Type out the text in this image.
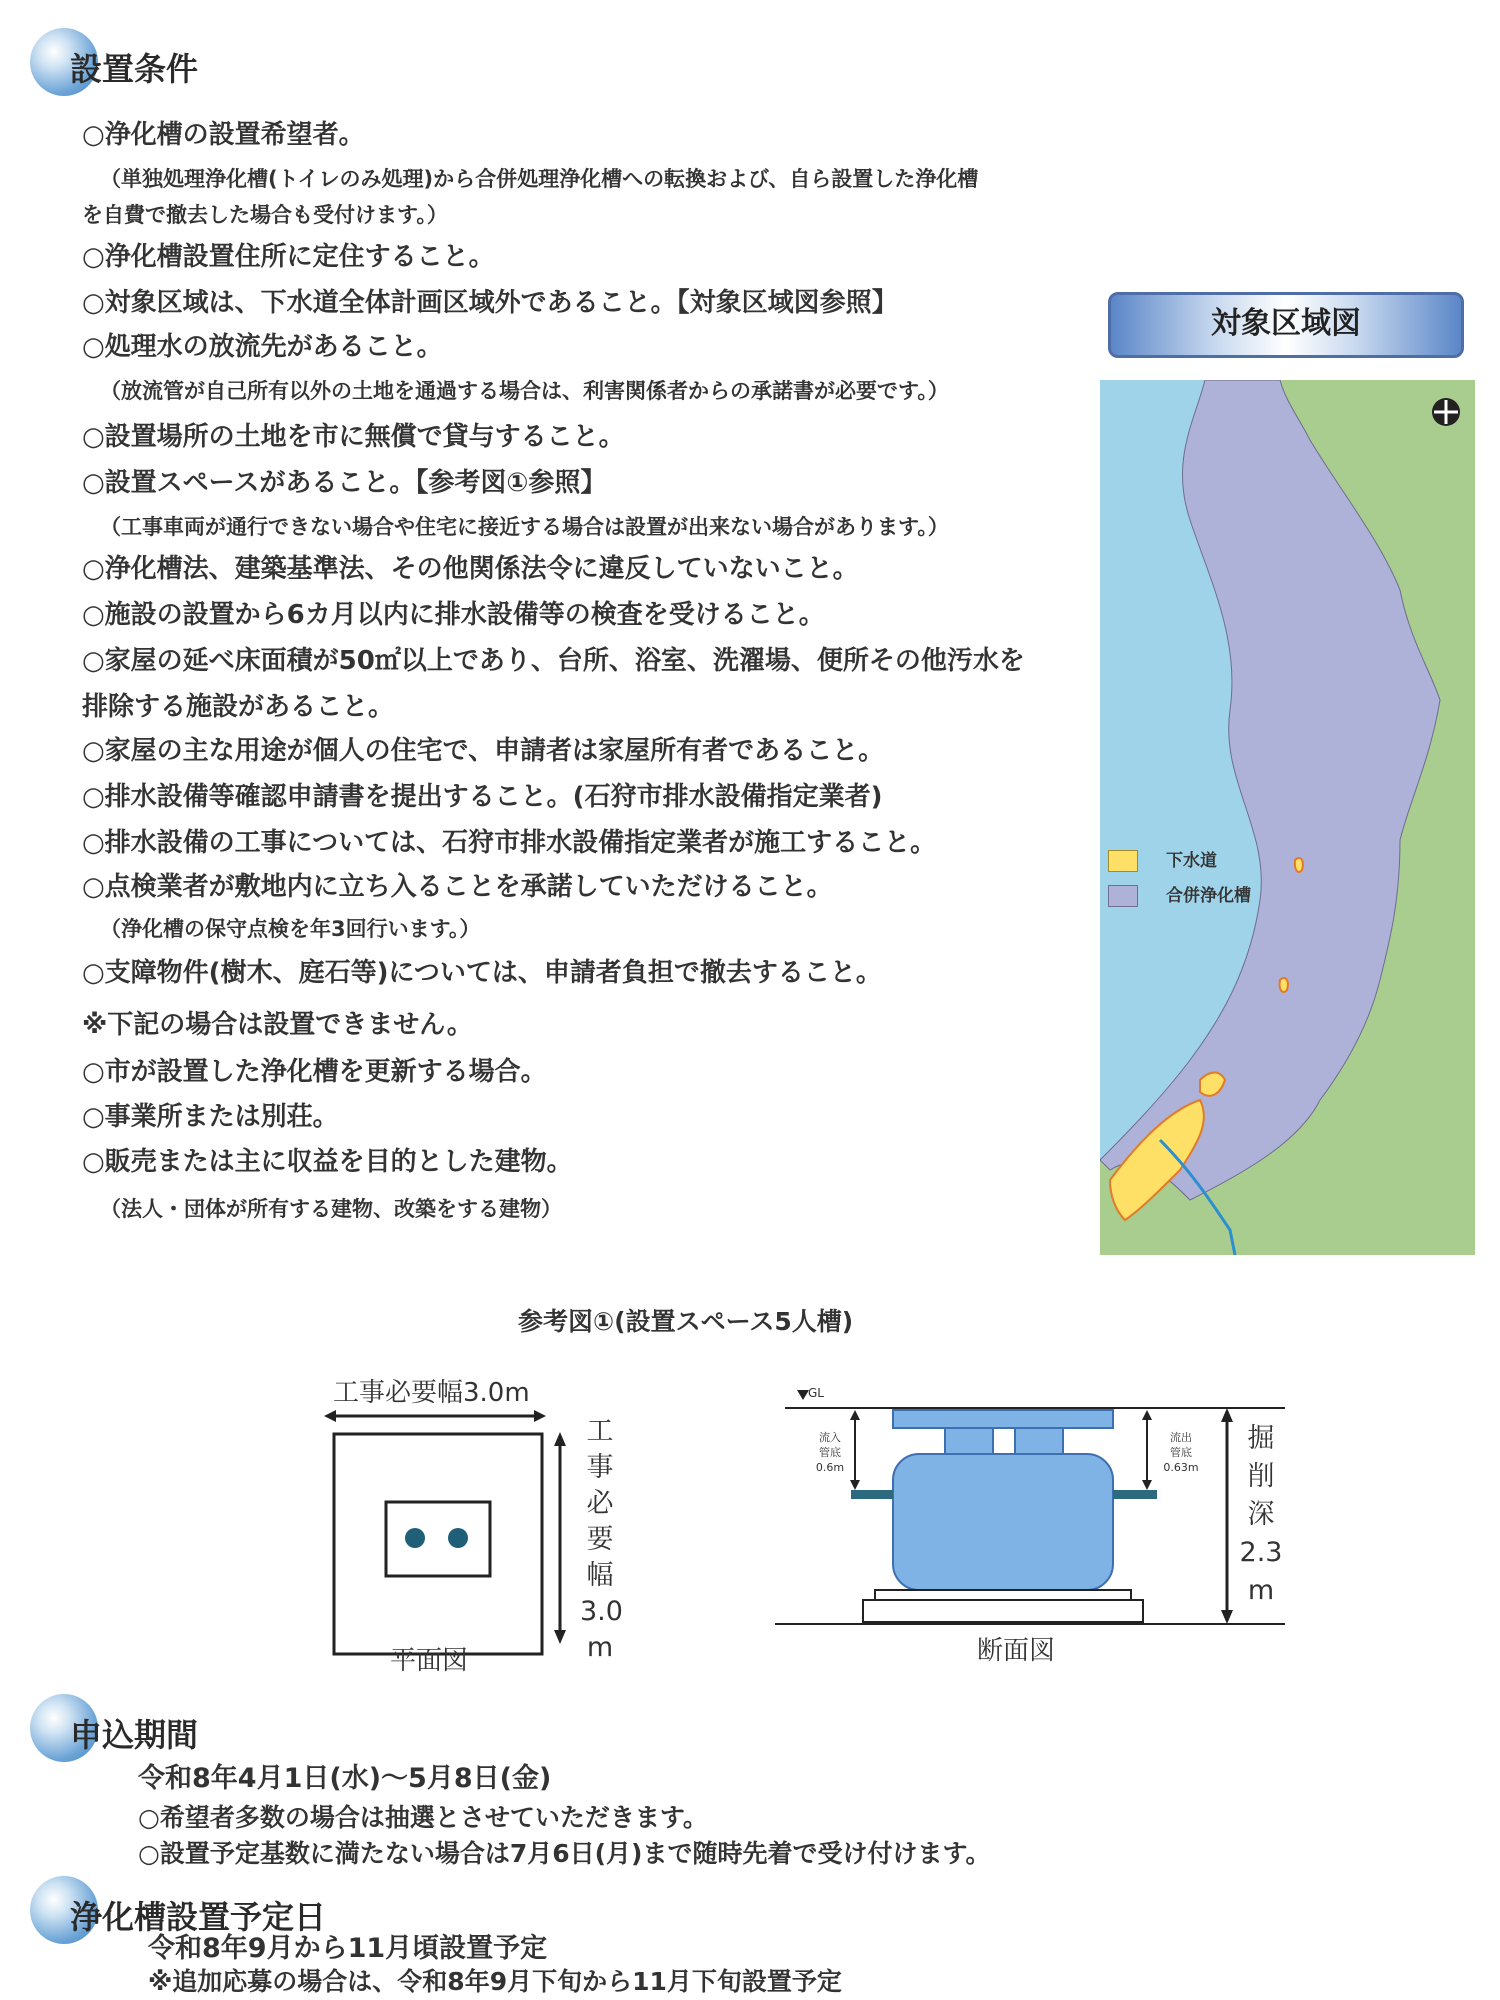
設置条件
○浄化槽の設置希望者。
（単独処理浄化槽(トイレのみ処理)から合併処理浄化槽への転換および、自ら設置した浄化槽
を自費で撤去した場合も受付けます。）
○浄化槽設置住所に定住すること。
○対象区域は、下水道全体計画区域外であること。【対象区域図参照】
○処理水の放流先があること。
（放流管が自己所有以外の土地を通過する場合は、利害関係者からの承諾書が必要です。）
○設置場所の土地を市に無償で貸与すること。
○設置スペースがあること。【参考図①参照】
（工事車両が通行できない場合や住宅に接近する場合は設置が出来ない場合があります。）
○浄化槽法、建築基準法、その他関係法令に違反していないこと。
○施設の設置から6カ月以内に排水設備等の検査を受けること。
○家屋の延べ床面積が50㎡以上であり、台所、浴室、洗濯場、便所その他汚水を
排除する施設があること。
○家屋の主な用途が個人の住宅で、申請者は家屋所有者であること。
○排水設備等確認申請書を提出すること。(石狩市排水設備指定業者)
○排水設備の工事については、石狩市排水設備指定業者が施工すること。
○点検業者が敷地内に立ち入ることを承諾していただけること。
（浄化槽の保守点検を年3回行います。）
○支障物件(樹木、庭石等)については、申請者負担で撤去すること。
※下記の場合は設置できません。
○市が設置した浄化槽を更新する場合。
○事業所または別荘。
○販売または主に収益を目的とした建物。
（法人・団体が所有する建物、改築をする建物）
対象区域図
下水道
合併浄化槽
参考図①(設置スペース5人槽)
工事必要幅3.0m
工
事
必
要
幅
3.0
m
平面図
GL
流入
管底
0.6m
流出
管底
0.63m
掘
削
深
2.3
m
断面図
申込期間
令和8年4月1日(水)～5月8日(金)
○希望者多数の場合は抽選とさせていただきます。
○設置予定基数に満たない場合は7月6日(月)まで随時先着で受け付けます。
浄化槽設置予定日
令和8年9月から11月頃設置予定
※追加応募の場合は、令和8年9月下旬から11月下旬設置予定
